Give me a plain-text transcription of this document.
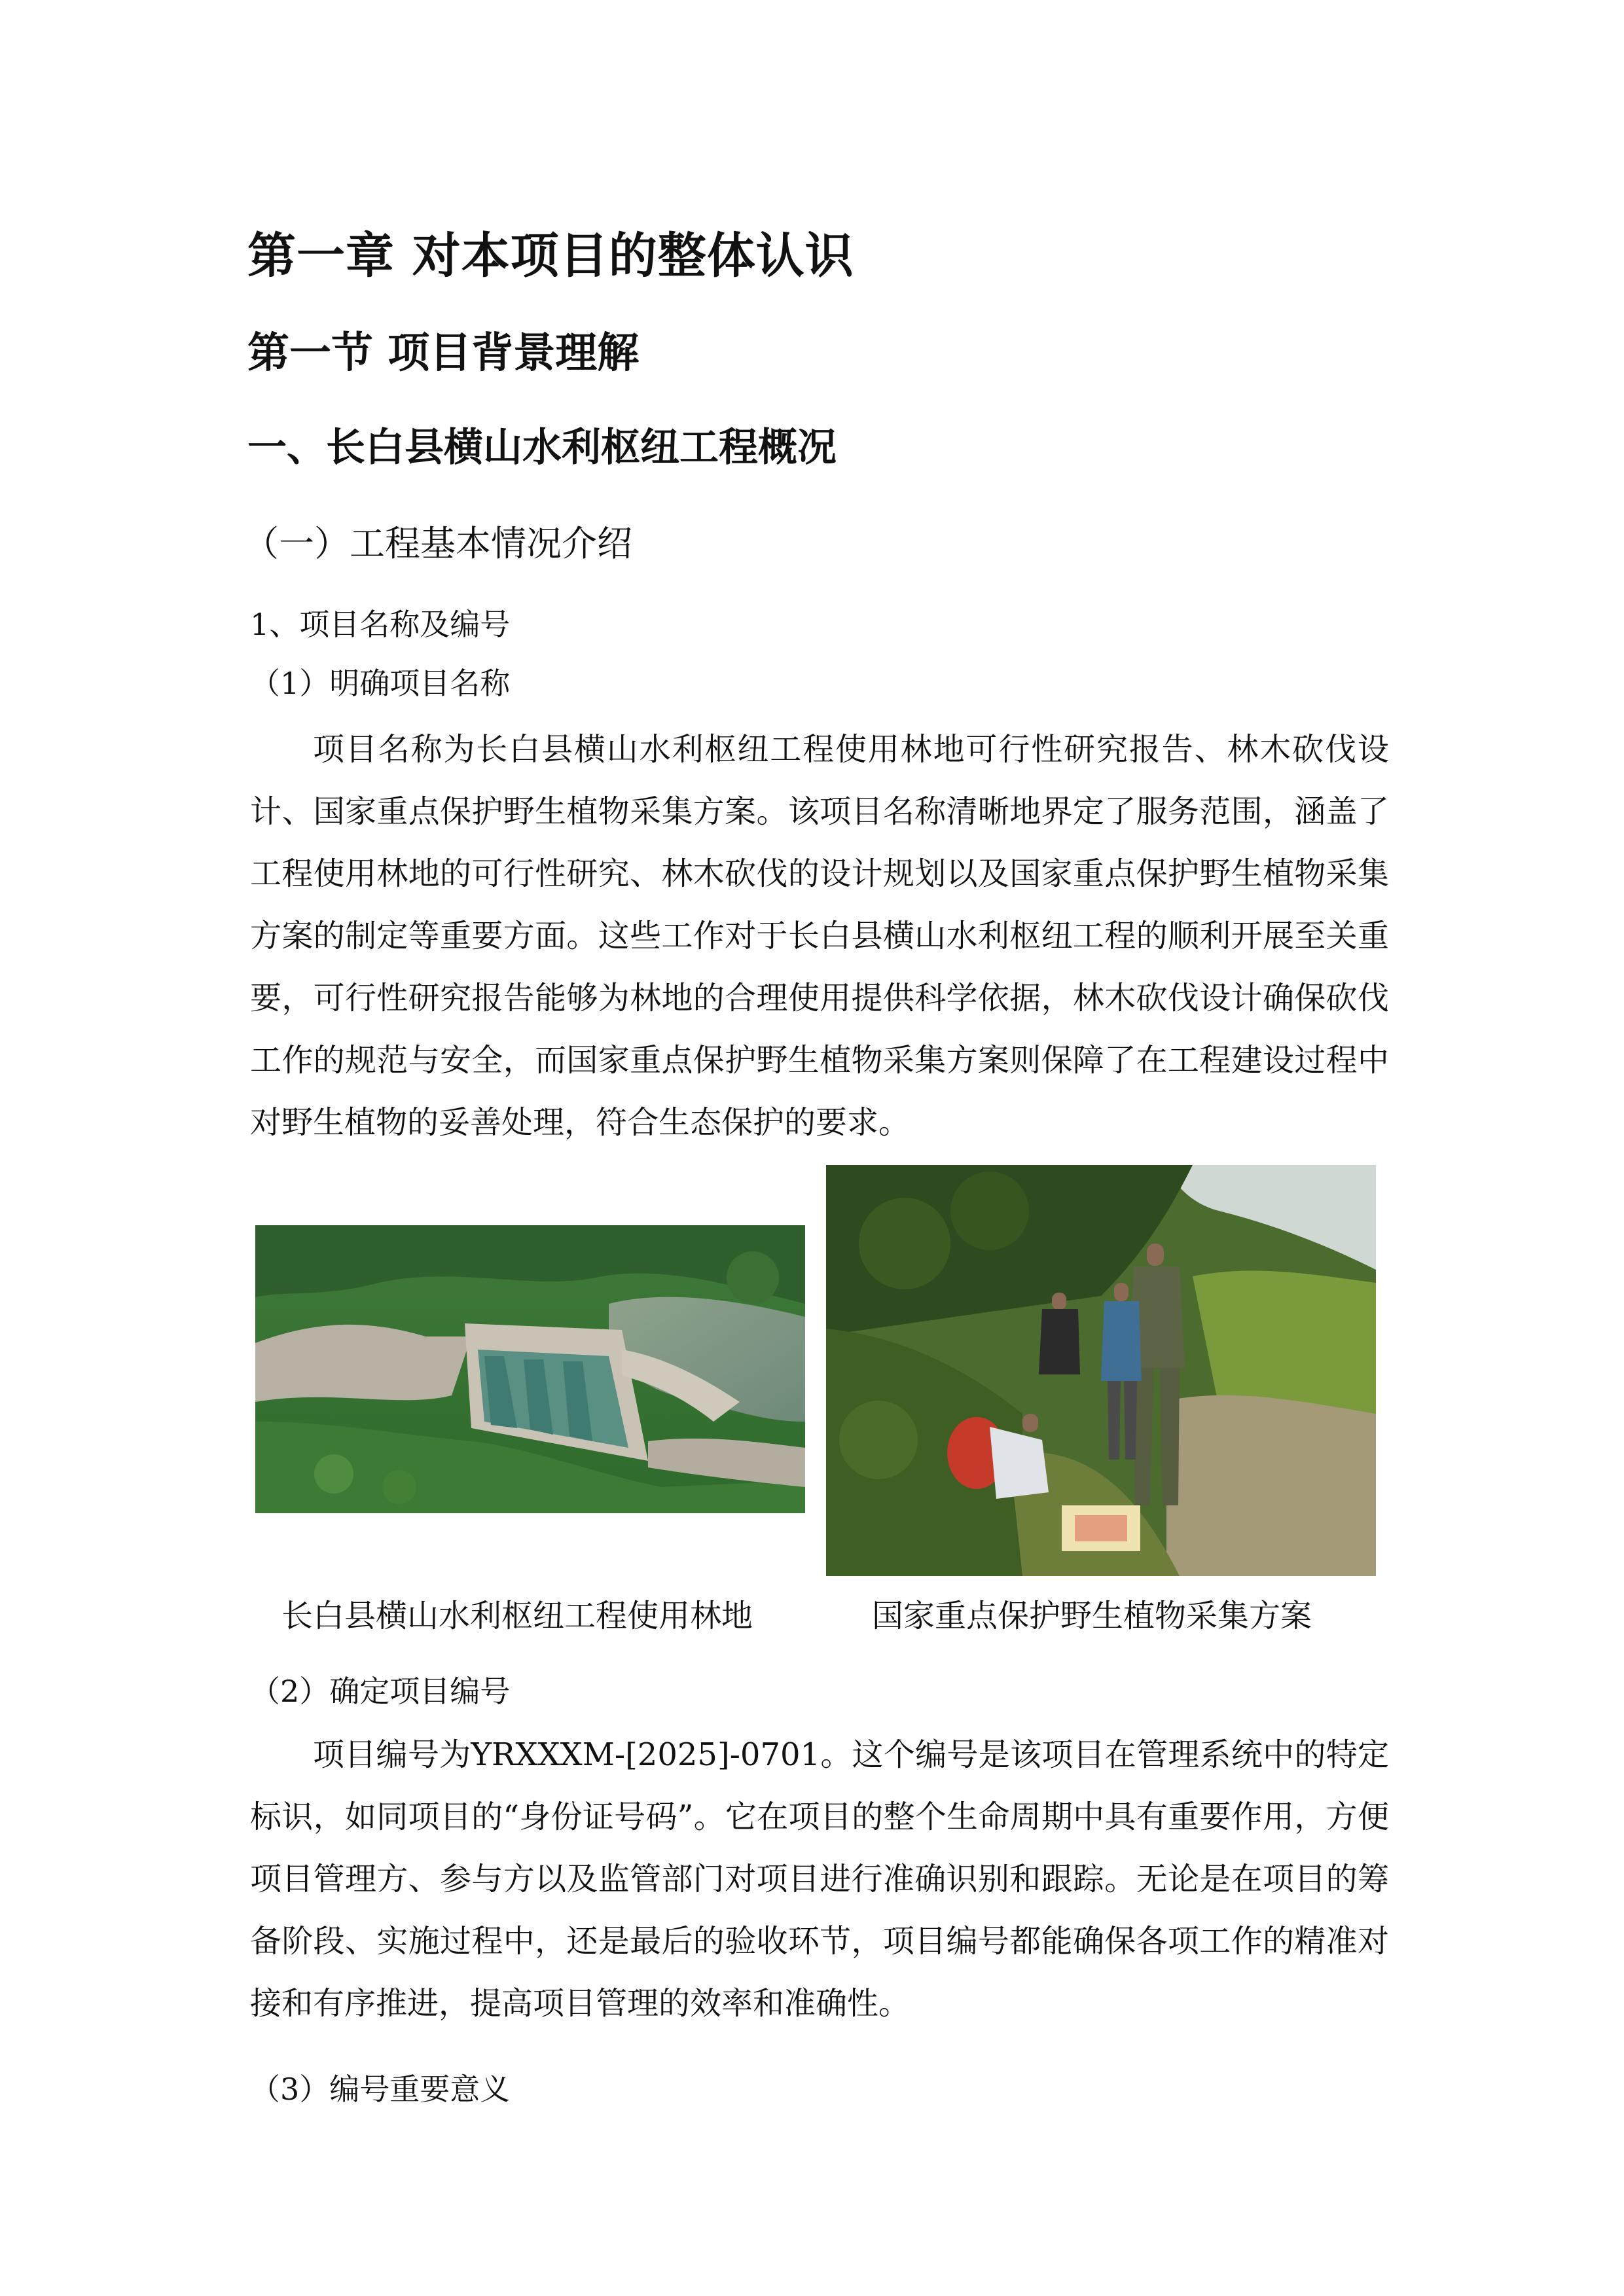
第一章 对本项目的整体认识
第一节 项目背景理解
一、长白县横山水利枢纽工程概况
（一）工程基本情况介绍

1、项目名称及编号

（1）明确项目名称

项目名称为长白县横山水利枢纽工程使用林地可行性研究报告、林木砍伐设计、国家重点保护野生植物采集方案。该项目名称清晰地界定了服务范围，涵盖了工程使用林地的可行性研究、林木砍伐的设计规划以及国家重点保护野生植物采集方案的制定等重要方面。这些工作对于长白县横山水利枢纽工程的顺利开展至关重要，可行性研究报告能够为林地的合理使用提供科学依据，林木砍伐设计确保砍伐工作的规范与安全，而国家重点保护野生植物采集方案则保障了在工程建设过程中对野生植物的妥善处理，符合生态保护的要求。

长白县横山水利枢纽工程使用林地	国家重点保护野生植物采集方案

（2）确定项目编号

项目编号为YRXXXM-[2025]-0701。这个编号是该项目在管理系统中的特定标识，如同项目的“身份证号码”。它在项目的整个生命周期中具有重要作用，方便项目管理方、参与方以及监管部门对项目进行准确识别和跟踪。无论是在项目的筹备阶段、实施过程中，还是最后的验收环节，项目编号都能确保各项工作的精准对接和有序推进，提高项目管理的效率和准确性。

（3）编号重要意义
